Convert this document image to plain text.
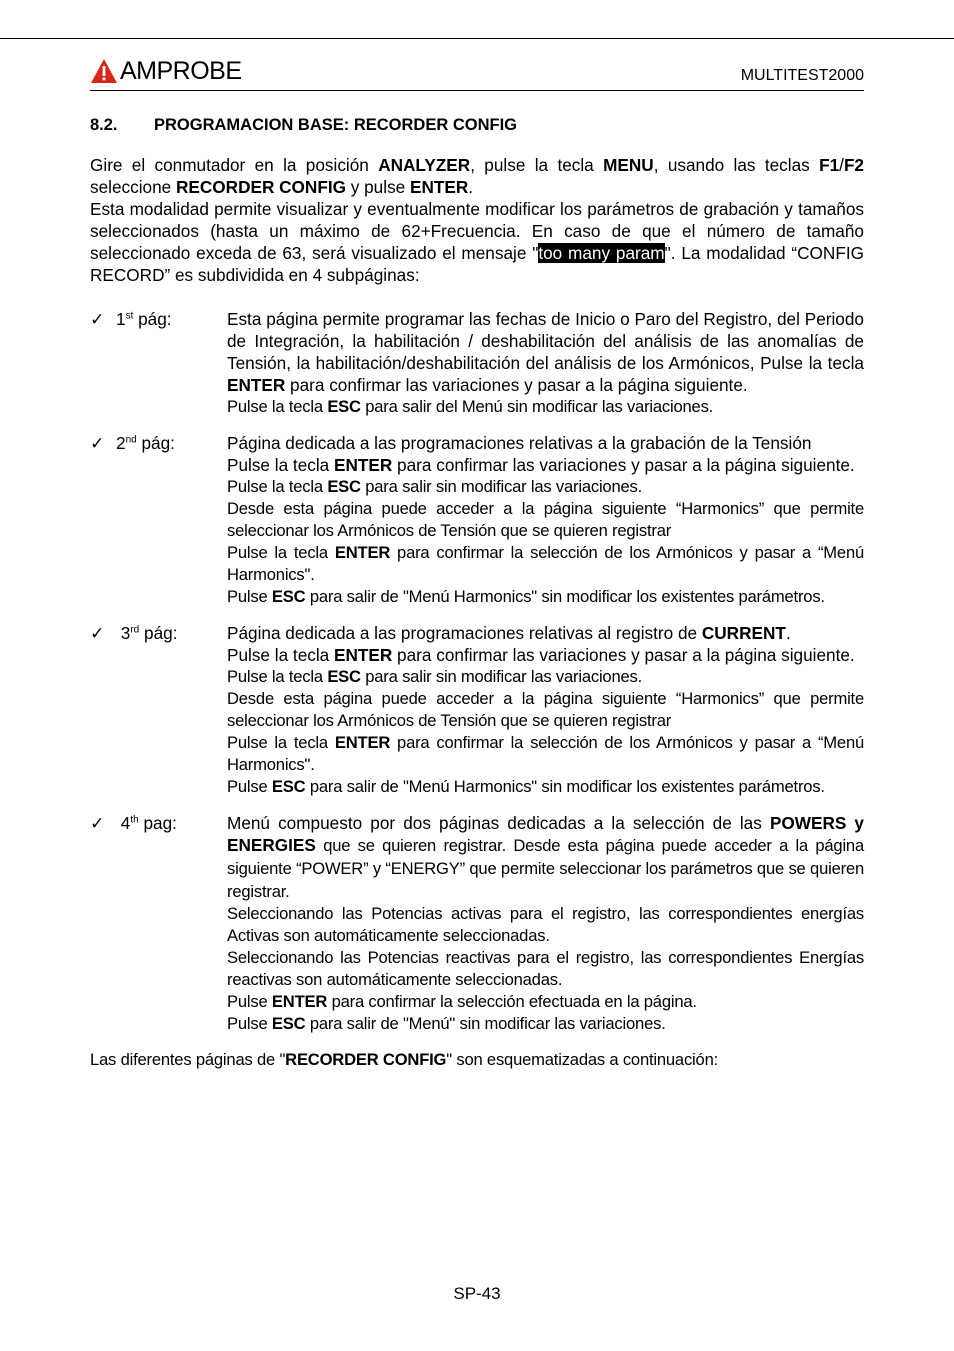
AMPROBE	MULTITEST2000
8.2.	PROGRAMACION BASE: RECORDER CONFIG

Gire el conmutador en la posición ANALYZER, pulse la tecla MENU, usando las teclas F1/F2 seleccione RECORDER CONFIG y pulse ENTER.

Esta modalidad permite visualizar y eventualmente modificar los parámetros de grabación y tamaños seleccionados (hasta un máximo de 62+Frecuencia. En caso de que el número de tamaño seleccionado exceda de 63, será visualizado el mensaje "too many param". La modalidad “CONFIG RECORD” es subdividida en 4 subpáginas:

✓ 1st pág:	Esta página permite programar las fechas de Inicio o Paro del Registro, del Periodo de Integración, la habilitación / deshabilitación del análisis de las anomalías de Tensión, la habilitación/deshabilitación del análisis de los Armónicos, Pulse la tecla ENTER para confirmar las variaciones y pasar a la página siguiente.

Pulse la tecla ESC para salir del Menú sin modificar las variaciones.

✓ 2nd pág:	Página dedicada a las programaciones relativas a la grabación de la Tensión

Pulse la tecla ENTER para confirmar las variaciones y pasar a la página siguiente.

Pulse la tecla ESC para salir sin modificar las variaciones.

Desde esta página puede acceder a la página siguiente “Harmonics” que permite seleccionar los Armónicos de Tensión que se quieren registrar

Pulse la tecla ENTER para confirmar la selección de los Armónicos y pasar a “Menú Harmonics".

Pulse ESC para salir de "Menú Harmonics" sin modificar los existentes parámetros.

✓ 3rd pág:	Página dedicada a las programaciones relativas al registro de CURRENT.

Pulse la tecla ENTER para confirmar las variaciones y pasar a la página siguiente.

Pulse la tecla ESC para salir sin modificar las variaciones.

Desde esta página puede acceder a la página siguiente “Harmonics” que permite seleccionar los Armónicos de Tensión que se quieren registrar

Pulse la tecla ENTER para confirmar la selección de los Armónicos y pasar a “Menú Harmonics".

Pulse ESC para salir de "Menú Harmonics" sin modificar los existentes parámetros.

✓ 4th pag:	Menú compuesto por dos páginas dedicadas a la selección de las POWERS y ENERGIES que se quieren registrar. Desde esta página puede acceder a la página siguiente “POWER” y “ENERGY” que permite seleccionar los parámetros que se quieren registrar.

Seleccionando las Potencias activas para el registro, las correspondientes energías Activas son automáticamente seleccionadas.

Seleccionando las Potencias reactivas para el registro, las correspondientes Energías reactivas son automáticamente seleccionadas.

Pulse ENTER para confirmar la selección efectuada en la página.

Pulse ESC para salir de "Menú" sin modificar las variaciones.

Las diferentes páginas de "RECORDER CONFIG" son esquematizadas a continuación:

SP-43
